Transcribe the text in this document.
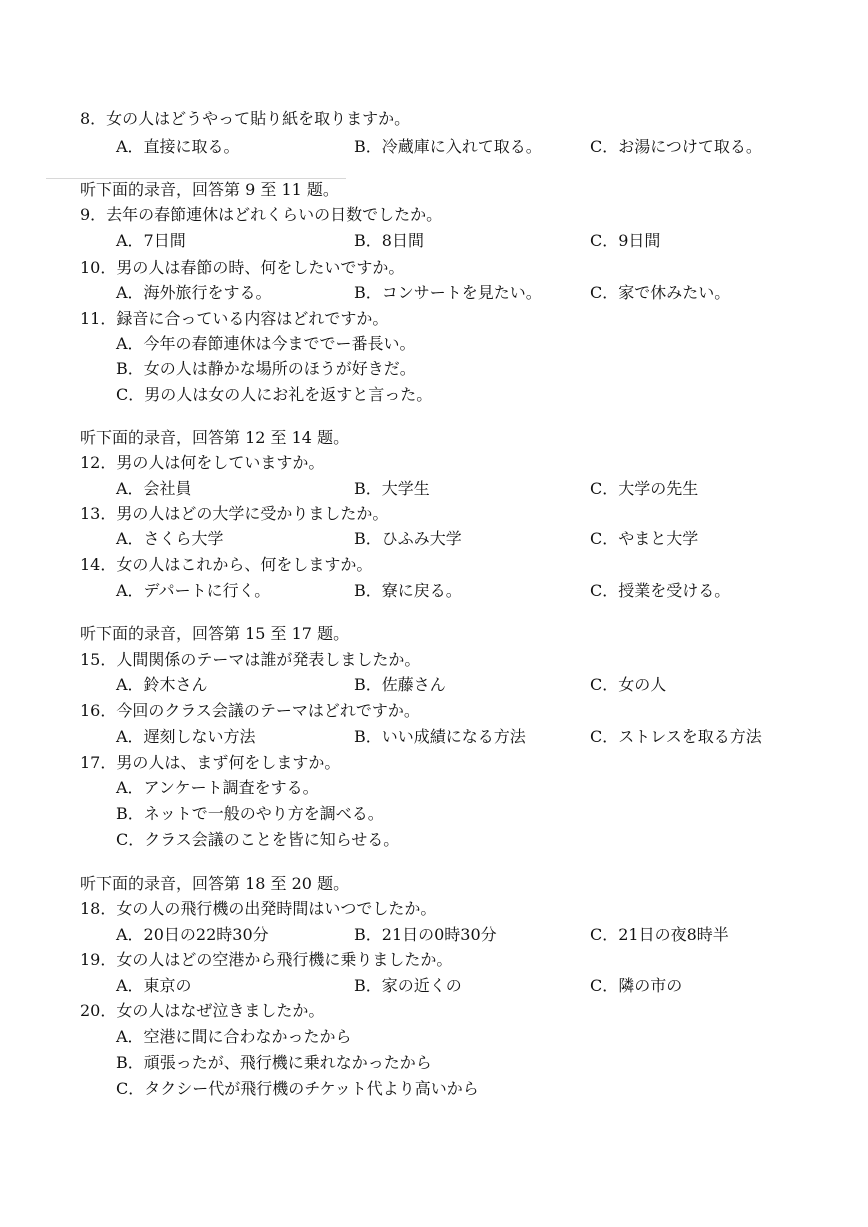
8．女の人はどうやって貼り紙を取りますか。
A．直接に取る。	B．冷蔵庫に入れて取る。	C．お湯につけて取る。
听下面的录音，回答第 9 至 11 题。
9．去年の春節連休はどれくらいの日数でしたか。
A．7日間	B．8日間	C．9日間
10．男の人は春節の時、何をしたいですか。
A．海外旅行をする。	B．コンサートを見たい。	C．家で休みたい。
11．録音に合っている内容はどれですか。
A．今年の春節連休は今まででー番長い。
B．女の人は静かな場所のほうが好きだ。
C．男の人は女の人にお礼を返すと言った。
听下面的录音，回答第 12 至 14 题。
12．男の人は何をしていますか。
A．会社員	B．大学生	C．大学の先生
13．男の人はどの大学に受かりましたか。
A．さくら大学	B．ひふみ大学	C．やまと大学
14．女の人はこれから、何をしますか。
A．デパートに行く。	B．寮に戻る。	C．授業を受ける。
听下面的录音，回答第 15 至 17 题。
15．人間関係のテーマは誰が発表しましたか。
A．鈴木さん	B．佐藤さん	C．女の人
16．今回のクラス会議のテーマはどれですか。
A．遅刻しない方法	B．いい成績になる方法	C．ストレスを取る方法
17．男の人は、まず何をしますか。
A．アンケート調査をする。
B．ネットで一般のやり方を調べる。
C．クラス会議のことを皆に知らせる。
听下面的录音，回答第 18 至 20 题。
18．女の人の飛行機の出発時間はいつでしたか。
A．20日の22時30分	B．21日の0時30分	C．21日の夜8時半
19．女の人はどの空港から飛行機に乗りましたか。
A．東京の	B．家の近くの	C．隣の市の
20．女の人はなぜ泣きましたか。
A．空港に間に合わなかったから
B．頑張ったが、飛行機に乗れなかったから
C．タクシー代が飛行機のチケット代より高いから
